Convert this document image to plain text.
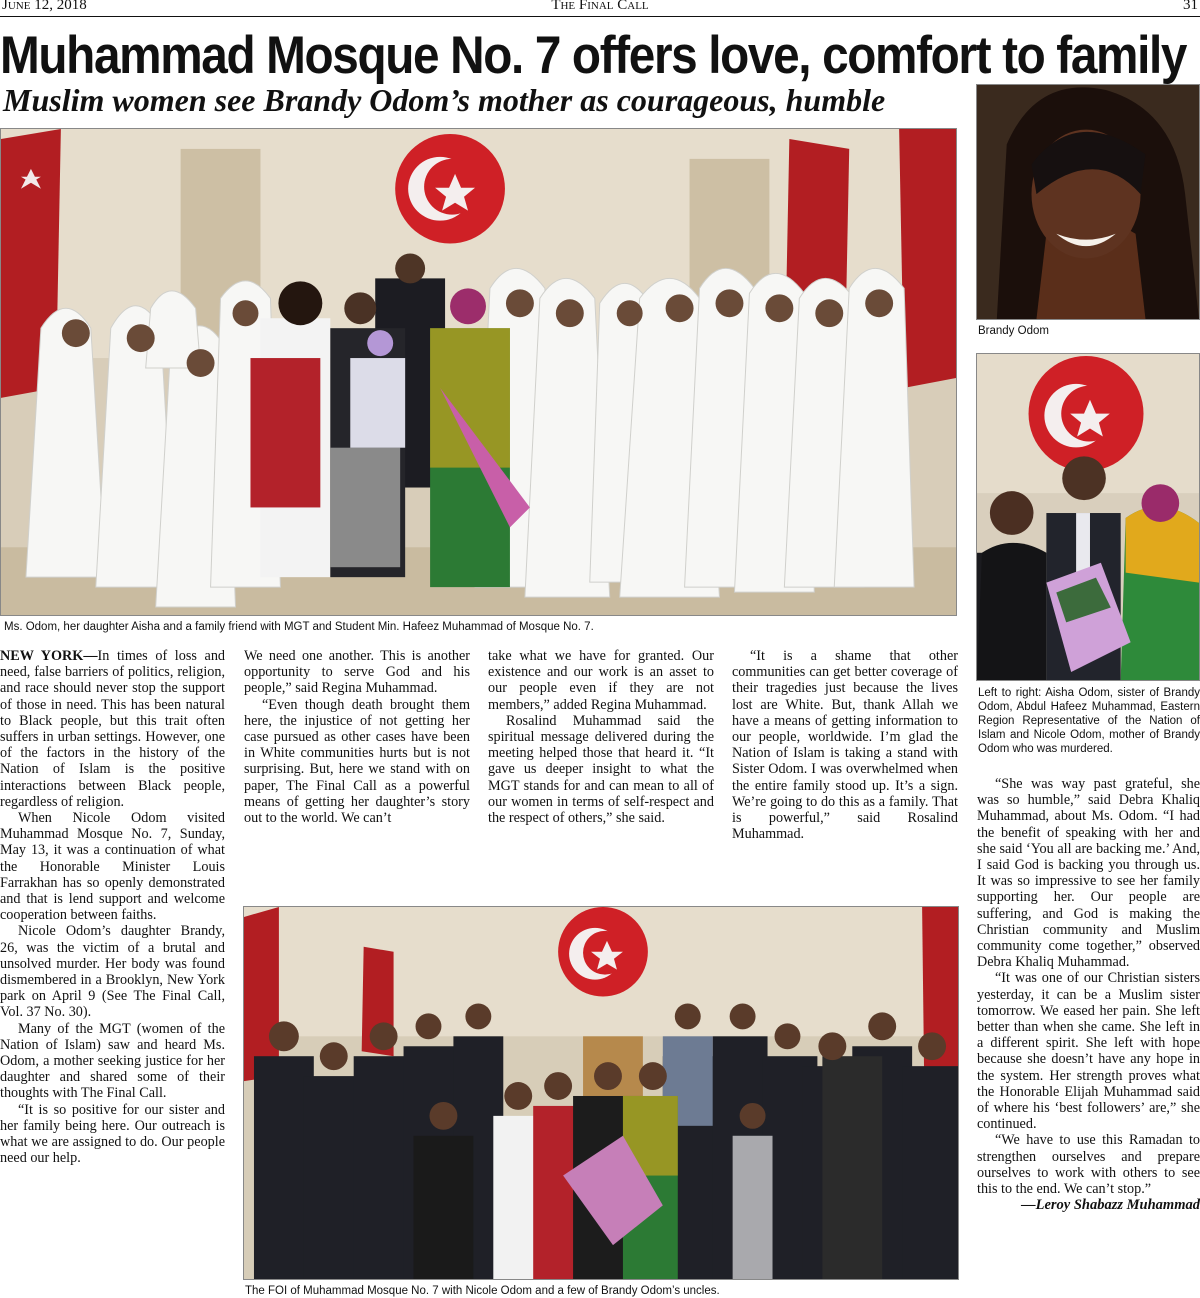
June 12, 2018	The Final Call	31
Muhammad Mosque No. 7 offers love, comfort to family
Muslim women see Brandy Odom’s mother as courageous, humble
Ms. Odom, her daughter Aisha and a family friend with MGT and Student Min. Hafeez Muhammad of Mosque No. 7.
Brandy Odom
Left to right: Aisha Odom, sister of Brandy Odom, Abdul Hafeez Muhammad, Eastern Region Representative of the Nation of Islam and Nicole Odom, mother of Brandy Odom who was murdered.
The FOI of Muhammad Mosque No. 7 with Nicole Odom and a few of Brandy Odom’s uncles.

NEW YORK—In times of loss and need, false barriers of politics, religion, and race should never stop the support of those in need. This has been natural to Black people, but this trait often suffers in urban settings. However, one of the factors in the history of the Nation of Islam is the positive interactions between Black people, regardless of religion.

When Nicole Odom visited Muhammad Mosque No. 7, Sunday, May 13, it was a continuation of what the Honorable Minister Louis Farrakhan has so openly demonstrated and that is lend support and welcome cooperation between faiths.

Nicole Odom’s daughter Brandy, 26, was the victim of a brutal and unsolved murder. Her body was found dismembered in a Brooklyn, New York park on April 9 (See The Final Call, Vol. 37 No. 30).

Many of the MGT (women of the Nation of Islam) saw and heard Ms. Odom, a mother seeking justice for her daughter and shared some of their thoughts with The Final Call.

“It is so positive for our sister and her family being here. Our outreach is what we are assigned to do. Our people need our help.

We need one another. This is another opportunity to serve God and his people,” said Regina Muhammad.

“Even though death brought them here, the injustice of not getting her case pursued as other cases have been in White communities hurts but is not surprising. But, here we stand with on paper, The Final Call as a powerful means of getting her daughter’s story out to the world. We can’t

take what we have for granted. Our existence and our work is an asset to our people even if they are not members,” added Regina Muhammad.

Rosalind Muhammad said the spiritual message delivered during the meeting helped those that heard it. “It gave us deeper insight to what the MGT stands for and can mean to all of our women in terms of self-respect and the respect of others,” she said.

“It is a shame that other communities can get better coverage of their tragedies just because the lives lost are White. But, thank Allah we have a means of getting information to our people, worldwide. I’m glad the Nation of Islam is taking a stand with Sister Odom. I was overwhelmed when the entire family stood up. It’s a sign. We’re going to do this as a family. That is powerful,” said Rosalind Muhammad.

“She was way past grateful, she was so humble,” said Debra Khaliq Muhammad, about Ms. Odom. “I had the benefit of speaking with her and she said ‘You all are backing me.’ And, I said God is backing you through us. It was so impressive to see her family supporting her. Our people are suffering, and God is making the Christian community and Muslim community come together,” observed Debra Khaliq Muhammad.

“It was one of our Christian sisters yesterday, it can be a Muslim sister tomorrow. We eased her pain. She left better than when she came. She left in a different spirit. She left with hope because she doesn’t have any hope in the system. Her strength proves what the Honorable Elijah Muhammad said of where his ‘best followers’ are,” she continued.

“We have to use this Ramadan to strengthen ourselves and prepare ourselves to work with others to see this to the end. We can’t stop.”

—Leroy Shabazz Muhammad
